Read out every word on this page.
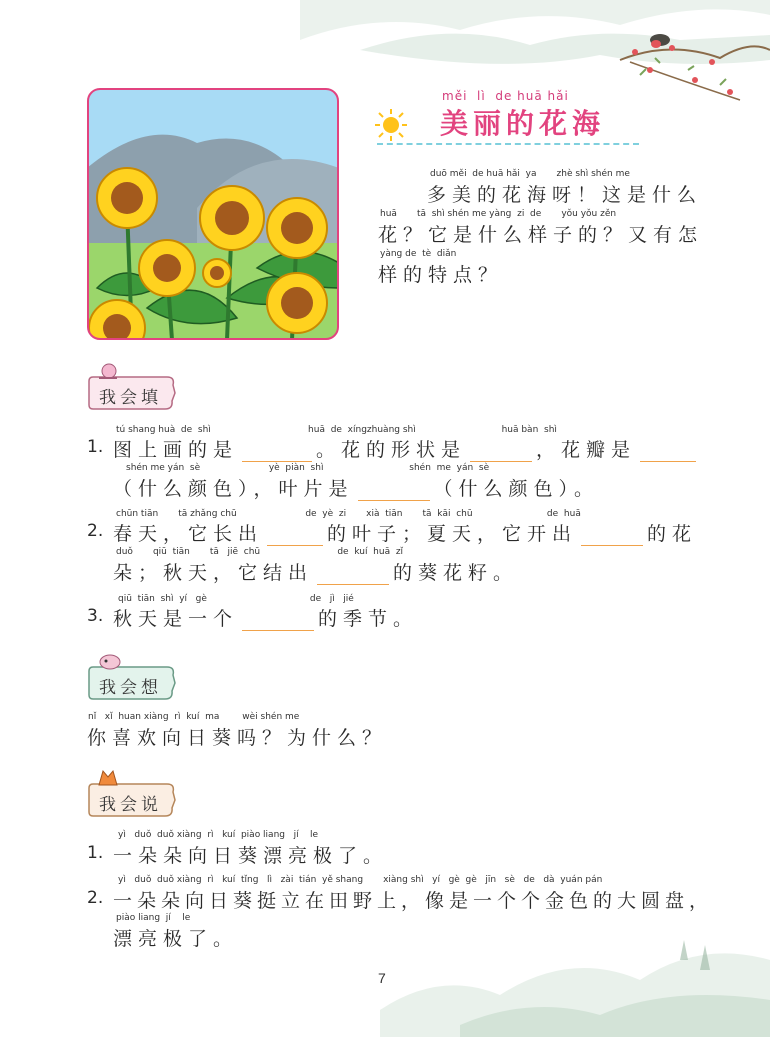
měi  lì  de huā hǎi
美丽的花海
duō měi  de huā hǎi  ya       zhè shì shén me
多美的花海呀！这是什么
huā       tā  shì shén me yàng  zi  de       yǒu yǒu zěn
花？它是什么样子的？又有怎
yàng de  tè  diǎn
样的特点？
我会填
tú shang huà  de  shì                                  huā  de  xíngzhuàng shì                              huā bàn  shì
1. 图上画的是	。花的形状是	，花瓣是
shén me yán  sè                        yè  piàn  shì                              shén  me  yán  sè
（什么颜色），叶片是	（什么颜色）。
chūn tiān       tā zhǎng chū                        de  yè  zi       xià  tiān       tā  kāi  chū                          de  huā
2. 春天，它长出	的叶子；夏天，它开出	的花
duǒ       qiū  tiān       tā   jiē  chū                           de  kuí  huā  zǐ
朵；秋天，它结出	的葵花籽。
qiū  tiān  shì  yí   gè                                    de   jì   jié
3. 秋天是一个	的季节。
我会想
nǐ   xǐ  huan xiàng  rì  kuí  ma        wèi shén me
你喜欢向日葵吗？为什么？
我会说
yì   duǒ  duǒ xiàng  rì   kuí  piào liang   jí    le
1. 一朵朵向日葵漂亮极了。
yì   duǒ  duǒ xiàng  rì   kuí  tǐng   lì   zài  tián  yě shang       xiàng shì   yí   gè  gè   jīn   sè   de   dà  yuán pán
2. 一朵朵向日葵挺立在田野上，像是一个个金色的大圆盘，
piào liang  jí    le
漂亮极了。
7
